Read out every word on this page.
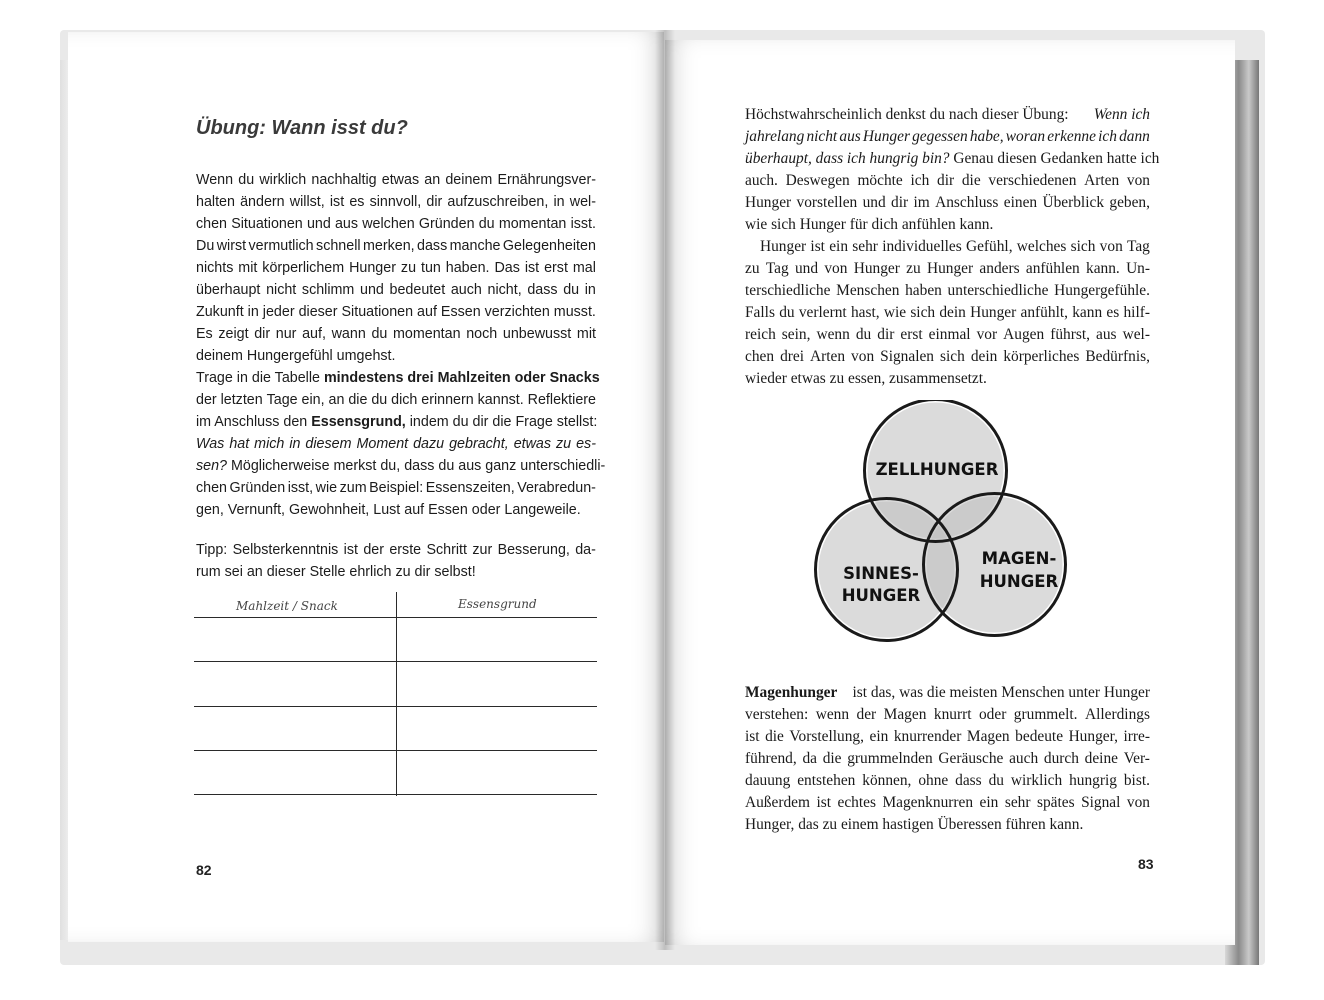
Übung: Wann isst du?
Wenn du wirklich nachhaltig etwas an deinem Ernährungsver-
halten ändern willst, ist es sinnvoll, dir aufzuschreiben, in wel-
chen Situationen und aus welchen Gründen du momentan isst.
Du wirst vermutlich schnell merken, dass manche Gelegenheiten
nichts mit körperlichem Hunger zu tun haben. Das ist erst mal
überhaupt nicht schlimm und bedeutet auch nicht, dass du in
Zukunft in jeder dieser Situationen auf Essen verzichten musst.
Es zeigt dir nur auf, wann du momentan noch unbewusst mit
deinem Hungergefühl umgehst.
Trage in die Tabelle mindestens drei Mahlzeiten oder Snacks
der letzten Tage ein, an die du dich erinnern kannst. Reflektiere
im Anschluss den Essensgrund, indem du dir die Frage stellst:
Was hat mich in diesem Moment dazu gebracht, etwas zu es-
sen? Möglicherweise merkst du, dass du aus ganz unterschiedli-
chen Gründen isst, wie zum Beispiel: Essenszeiten, Verabredun-
gen, Vernunft, Gewohnheit, Lust auf Essen oder Langeweile.
Tipp: Selbsterkenntnis ist der erste Schritt zur Besserung, da-
rum sei an dieser Stelle ehrlich zu dir selbst!
Mahlzeit / Snack	Essensgrund
82
Höchstwahrscheinlich denkst du nach dieser Übung: Wenn ich
jahrelang nicht aus Hunger gegessen habe, woran erkenne ich dann
überhaupt, dass ich hungrig bin? Genau diesen Gedanken hatte ich
auch. Deswegen möchte ich dir die verschiedenen Arten von
Hunger vorstellen und dir im Anschluss einen Überblick geben,
wie sich Hunger für dich anfühlen kann.
Hunger ist ein sehr individuelles Gefühl, welches sich von Tag
zu Tag und von Hunger zu Hunger anders anfühlen kann. Un-
terschiedliche Menschen haben unterschiedliche Hungergefühle.
Falls du verlernt hast, wie sich dein Hunger anfühlt, kann es hilf-
reich sein, wenn du dir erst einmal vor Augen führst, aus wel-
chen drei Arten von Signalen sich dein körperliches Bedürfnis,
wieder etwas zu essen, zusammensetzt.
ZELLHUNGER
SINNES-
HUNGER
MAGEN-
HUNGER
Magenhunger ist das, was die meisten Menschen unter Hunger
verstehen: wenn der Magen knurrt oder grummelt. Allerdings
ist die Vorstellung, ein knurrender Magen bedeute Hunger, irre-
führend, da die grummelnden Geräusche auch durch deine Ver-
dauung entstehen können, ohne dass du wirklich hungrig bist.
Außerdem ist echtes Magenknurren ein sehr spätes Signal von
Hunger, das zu einem hastigen Überessen führen kann.
83
